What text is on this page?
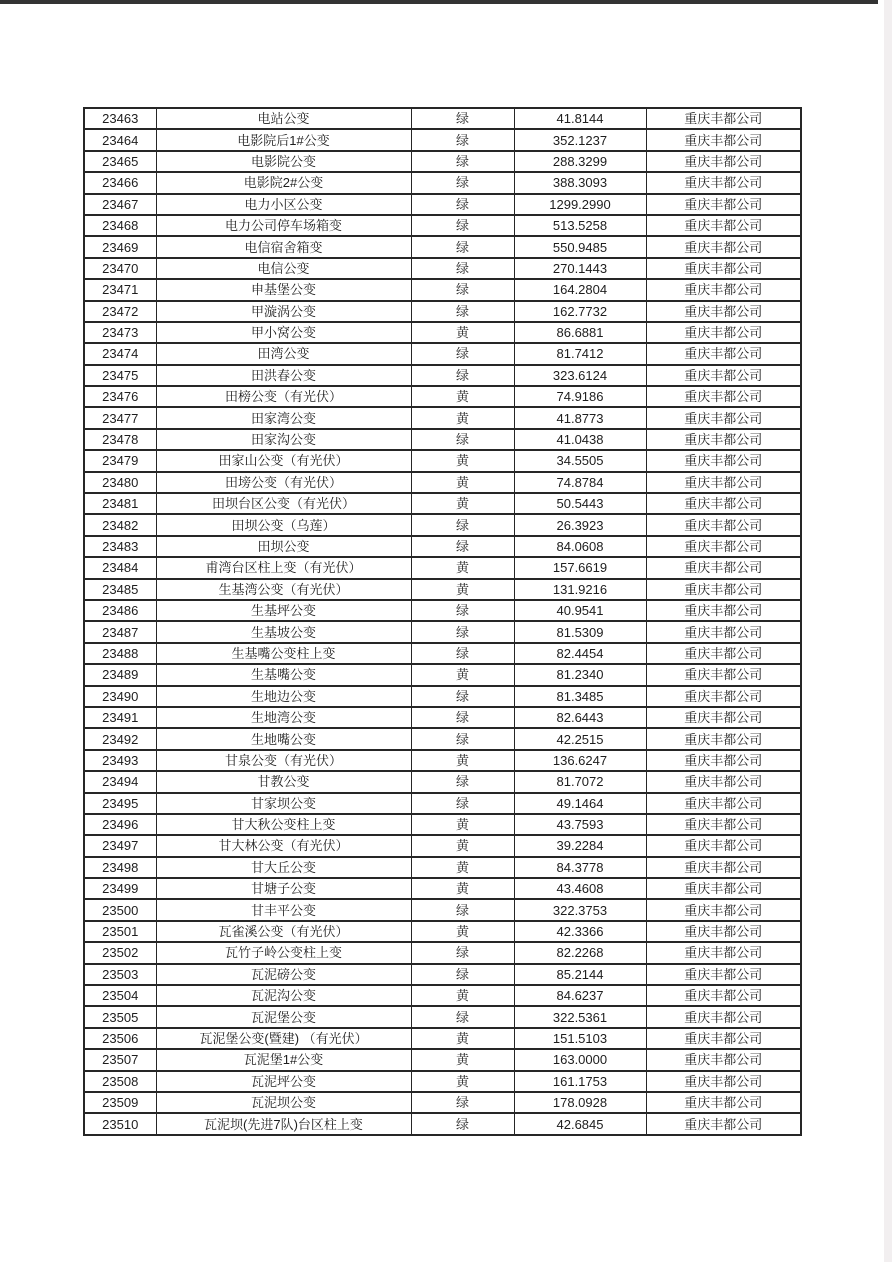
23463	电站公变	绿	41.8144	重庆丰都公司
23464	电影院后1#公变	绿	352.1237	重庆丰都公司
23465	电影院公变	绿	288.3299	重庆丰都公司
23466	电影院2#公变	绿	388.3093	重庆丰都公司
23467	电力小区公变	绿	1299.2990	重庆丰都公司
23468	电力公司停车场箱变	绿	513.5258	重庆丰都公司
23469	电信宿舍箱变	绿	550.9485	重庆丰都公司
23470	电信公变	绿	270.1443	重庆丰都公司
23471	申基堡公变	绿	164.2804	重庆丰都公司
23472	甲漩涡公变	绿	162.7732	重庆丰都公司
23473	甲小窝公变	黄	86.6881	重庆丰都公司
23474	田湾公变	绿	81.7412	重庆丰都公司
23475	田洪春公变	绿	323.6124	重庆丰都公司
23476	田榜公变（有光伏）	黄	74.9186	重庆丰都公司
23477	田家湾公变	黄	41.8773	重庆丰都公司
23478	田家沟公变	绿	41.0438	重庆丰都公司
23479	田家山公变（有光伏）	黄	34.5505	重庆丰都公司
23480	田塝公变（有光伏）	黄	74.8784	重庆丰都公司
23481	田坝台区公变（有光伏）	黄	50.5443	重庆丰都公司
23482	田坝公变（乌莲）	绿	26.3923	重庆丰都公司
23483	田坝公变	绿	84.0608	重庆丰都公司
23484	甫湾台区柱上变（有光伏）	黄	157.6619	重庆丰都公司
23485	生基湾公变（有光伏）	黄	131.9216	重庆丰都公司
23486	生基坪公变	绿	40.9541	重庆丰都公司
23487	生基坡公变	绿	81.5309	重庆丰都公司
23488	生基嘴公变柱上变	绿	82.4454	重庆丰都公司
23489	生基嘴公变	黄	81.2340	重庆丰都公司
23490	生地边公变	绿	81.3485	重庆丰都公司
23491	生地湾公变	绿	82.6443	重庆丰都公司
23492	生地嘴公变	绿	42.2515	重庆丰都公司
23493	甘泉公变（有光伏）	黄	136.6247	重庆丰都公司
23494	甘教公变	绿	81.7072	重庆丰都公司
23495	甘家坝公变	绿	49.1464	重庆丰都公司
23496	甘大秋公变柱上变	黄	43.7593	重庆丰都公司
23497	甘大林公变（有光伏）	黄	39.2284	重庆丰都公司
23498	甘大丘公变	黄	84.3778	重庆丰都公司
23499	甘塘子公变	黄	43.4608	重庆丰都公司
23500	甘丰平公变	绿	322.3753	重庆丰都公司
23501	瓦雀溪公变（有光伏）	黄	42.3366	重庆丰都公司
23502	瓦竹子岭公变柱上变	绿	82.2268	重庆丰都公司
23503	瓦泥磅公变	绿	85.2144	重庆丰都公司
23504	瓦泥沟公变	黄	84.6237	重庆丰都公司
23505	瓦泥堡公变	绿	322.5361	重庆丰都公司
23506	瓦泥堡公变(暨建) （有光伏）	黄	151.5103	重庆丰都公司
23507	瓦泥堡1#公变	黄	163.0000	重庆丰都公司
23508	瓦泥坪公变	黄	161.1753	重庆丰都公司
23509	瓦泥坝公变	绿	178.0928	重庆丰都公司
23510	瓦泥坝(先进7队)台区柱上变	绿	42.6845	重庆丰都公司
